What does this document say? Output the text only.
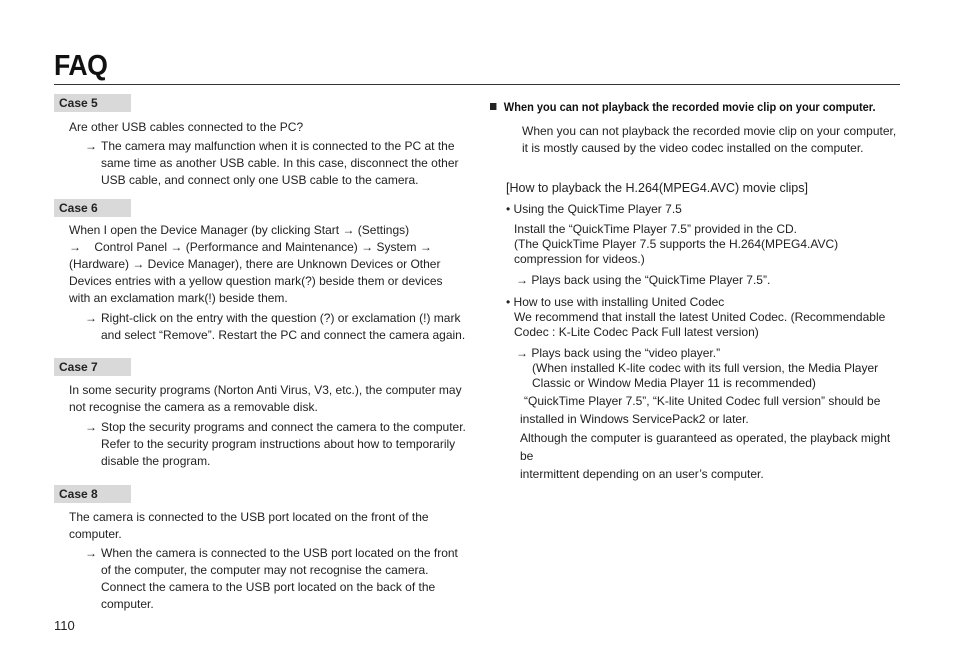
FAQ
Case 5
Are other USB cables connected to the PC?
→ The camera may malfunction when it is connected to the PC at the same time as another USB cable. In this case, disconnect the other USB cable, and connect only one USB cable to the camera.
Case 6
When I open the Device Manager (by clicking Start → (Settings)
→    Control Panel → (Performance and Maintenance) → System →
(Hardware) → Device Manager), there are Unknown Devices or Other
Devices entries with a yellow question mark(?) beside them or devices
with an exclamation mark(!) beside them.
→ Right-click on the entry with the question (?) or exclamation (!) mark and select “Remove”. Restart the PC and connect the camera again.
Case 7
In some security programs (Norton Anti Virus, V3, etc.), the computer may not recognise the camera as a removable disk.
→ Stop the security programs and connect the camera to the computer. Refer to the security program instructions about how to temporarily disable the program.
Case 8
The camera is connected to the USB port located on the front of the computer.
→ When the camera is connected to the USB port located on the front of the computer, the computer may not recognise the camera. Connect the camera to the USB port located on the back of the computer.
110
When you can not playback the recorded movie clip on your computer.
When you can not playback the recorded movie clip on your computer, it is mostly caused by the video codec installed on the computer.
[How to playback the H.264(MPEG4.AVC) movie clips]
• Using the QuickTime Player 7.5
Install the “QuickTime Player 7.5” provided in the CD.
(The QuickTime Player 7.5 supports the H.264(MPEG4.AVC)
compression for videos.)
→ Plays back using the “QuickTime Player 7.5”.
• How to use with installing United Codec
We recommend that install the latest United Codec. (Recommendable
Codec : K-Lite Codec Pack Full latest version)
→ Plays back using the “video player.”
(When installed K-lite codec with its full version, the Media Player
Classic or Window Media Player 11 is recommended)
“QuickTime Player 7.5”, “K-lite United Codec full version” should be
installed in Windows ServicePack2 or later.
Although the computer is guaranteed as operated, the playback might be
intermittent depending on an user’s computer.
